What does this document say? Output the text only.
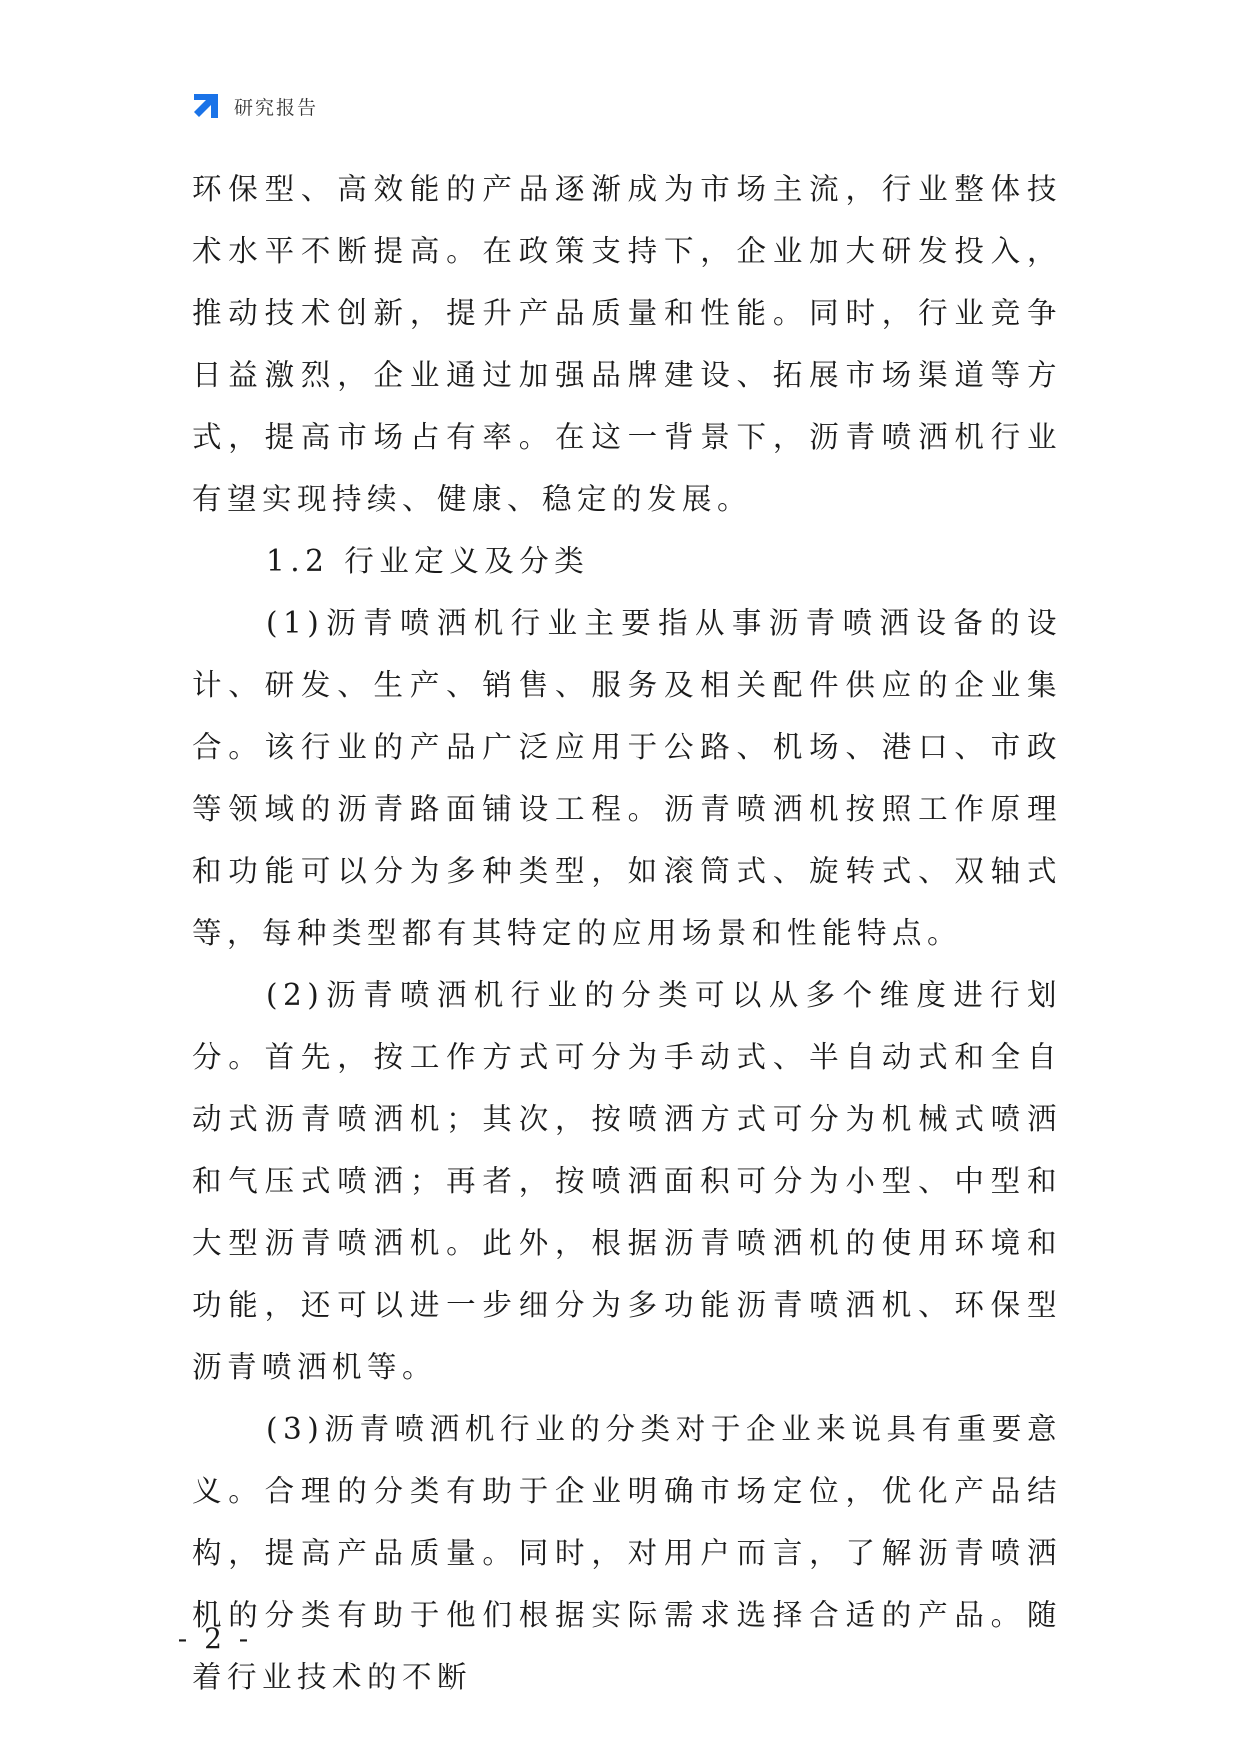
研究报告

环保型、高效能的产品逐渐成为市场主流，行业整体技术水平不断提高。在政策支持下，企业加大研发投入，推动技术创新，提升产品质量和性能。同时，行业竞争日益激烈，企业通过加强品牌建设、拓展市场渠道等方式，提高市场占有率。在这一背景下，沥青喷洒机行业有望实现持续、健康、稳定的发展。

1.2 行业定义及分类

(1)沥青喷洒机行业主要指从事沥青喷洒设备的设计、研发、生产、销售、服务及相关配件供应的企业集合。该行业的产品广泛应用于公路、机场、港口、市政等领域的沥青路面铺设工程。沥青喷洒机按照工作原理和功能可以分为多种类型，如滚筒式、旋转式、双轴式等，每种类型都有其特定的应用场景和性能特点。

(2)沥青喷洒机行业的分类可以从多个维度进行划分。首先，按工作方式可分为手动式、半自动式和全自动式沥青喷洒机；其次，按喷洒方式可分为机械式喷洒和气压式喷洒；再者，按喷洒面积可分为小型、中型和大型沥青喷洒机。此外，根据沥青喷洒机的使用环境和功能，还可以进一步细分为多功能沥青喷洒机、环保型沥青喷洒机等。

(3)沥青喷洒机行业的分类对于企业来说具有重要意义。合理的分类有助于企业明确市场定位，优化产品结构，提高产品质量。同时，对用户而言，了解沥青喷洒机的分类有助于他们根据实际需求选择合适的产品。随着行业技术的不断

- 2 -
